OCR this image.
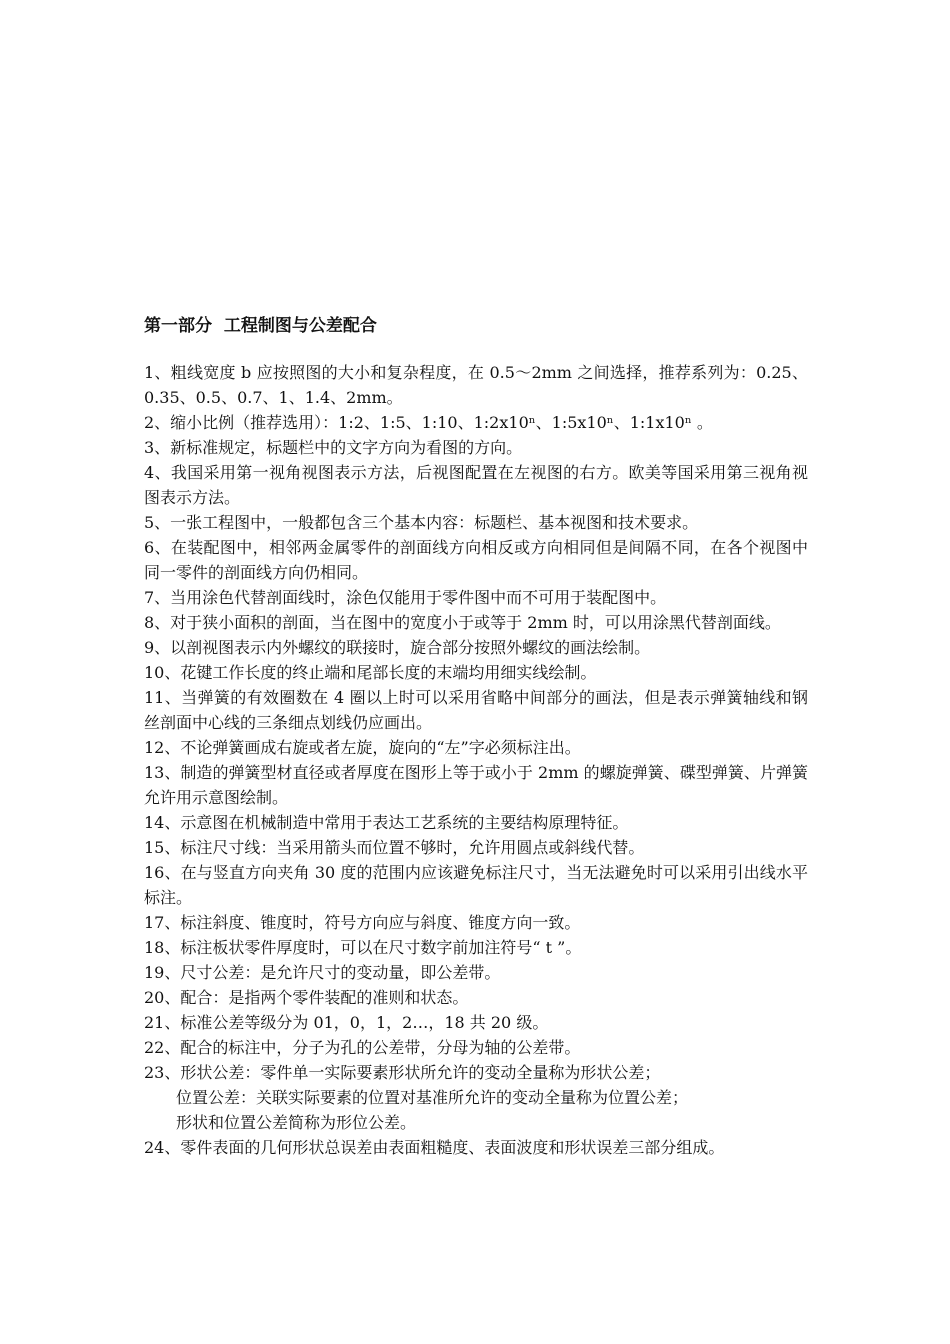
第一部分  工程制图与公差配合

1、粗线宽度 b 应按照图的大小和复杂程度，在 0.5～2mm 之间选择，推荐系列为：0.25、0.35、0.5、0.7、1、1.4、2mm。

2、缩小比例（推荐选用）：1:2、1:5、1:10、1:2x10ⁿ、1:5x10ⁿ、1:1x10ⁿ 。

3、新标准规定，标题栏中的文字方向为看图的方向。

4、我国采用第一视角视图表示方法，后视图配置在左视图的右方。欧美等国采用第三视角视图表示方法。

5、一张工程图中，一般都包含三个基本内容：标题栏、基本视图和技术要求。

6、在装配图中，相邻两金属零件的剖面线方向相反或方向相同但是间隔不同，在各个视图中同一零件的剖面线方向仍相同。

7、当用涂色代替剖面线时，涂色仅能用于零件图中而不可用于装配图中。

8、对于狭小面积的剖面，当在图中的宽度小于或等于 2mm 时，可以用涂黑代替剖面线。

9、以剖视图表示内外螺纹的联接时，旋合部分按照外螺纹的画法绘制。

10、花键工作长度的终止端和尾部长度的末端均用细实线绘制。

11、当弹簧的有效圈数在 4 圈以上时可以采用省略中间部分的画法，但是表示弹簧轴线和钢丝剖面中心线的三条细点划线仍应画出。

12、不论弹簧画成右旋或者左旋，旋向的“左”字必须标注出。

13、制造的弹簧型材直径或者厚度在图形上等于或小于 2mm 的螺旋弹簧、碟型弹簧、片弹簧允许用示意图绘制。

14、示意图在机械制造中常用于表达工艺系统的主要结构原理特征。

15、标注尺寸线：当采用箭头而位置不够时，允许用圆点或斜线代替。

16、在与竖直方向夹角 30 度的范围内应该避免标注尺寸，当无法避免时可以采用引出线水平标注。

17、标注斜度、锥度时，符号方向应与斜度、锥度方向一致。

18、标注板状零件厚度时，可以在尺寸数字前加注符号“ t ”。

19、尺寸公差：是允许尺寸的变动量，即公差带。

20、配合：是指两个零件装配的准则和状态。

21、标准公差等级分为 01，0，1，2…，18 共 20 级。

22、配合的标注中，分子为孔的公差带，分母为轴的公差带。

23、形状公差：零件单一实际要素形状所允许的变动全量称为形状公差；
位置公差：关联实际要素的位置对基准所允许的变动全量称为位置公差；
形状和位置公差简称为形位公差。

24、零件表面的几何形状总误差由表面粗糙度、表面波度和形状误差三部分组成。
